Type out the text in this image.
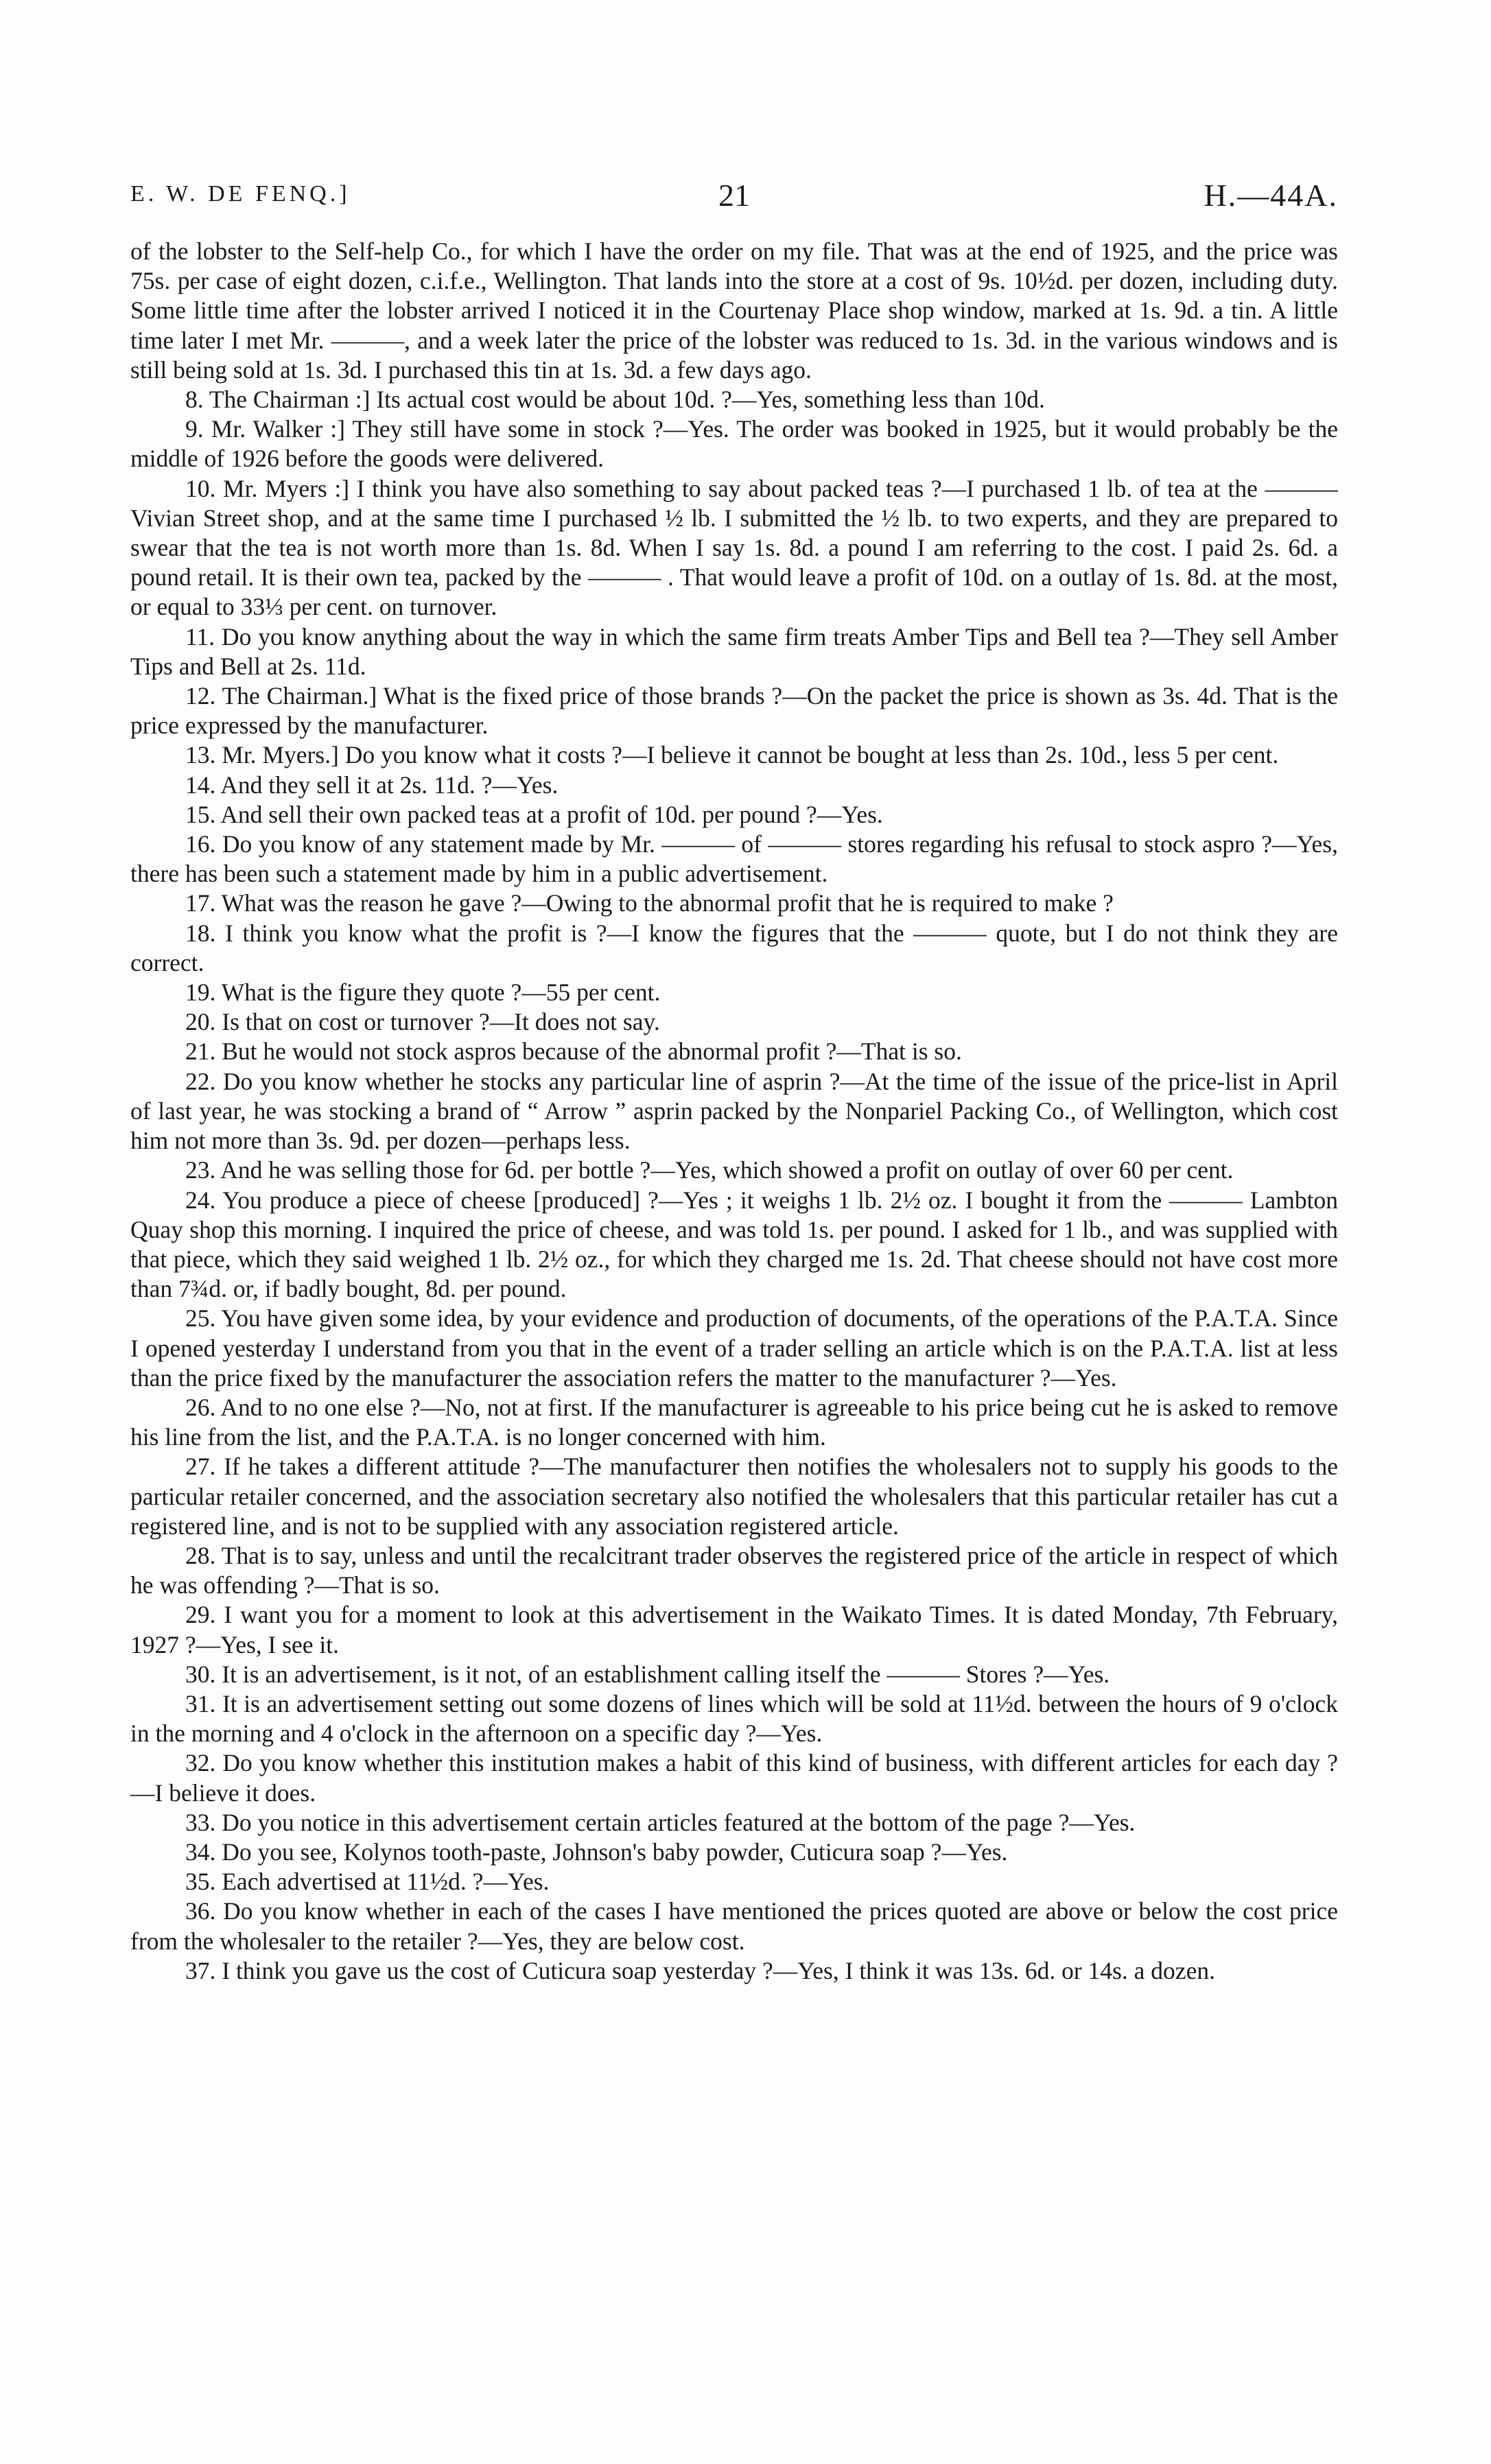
E. W. DE FENQ.]	21	H.—44A.

of the lobster to the Self-help Co., for which I have the order on my file. That was at the end of 1925, and the price was 75s. per case of eight dozen, c.i.f.e., Wellington. That lands into the store at a cost of 9s. 10½d. per dozen, including duty. Some little time after the lobster arrived I noticed it in the Courtenay Place shop window, marked at 1s. 9d. a tin. A little time later I met Mr. ———, and a week later the price of the lobster was reduced to 1s. 3d. in the various windows and is still being sold at 1s. 3d. I purchased this tin at 1s. 3d. a few days ago.

8. The Chairman :] Its actual cost would be about 10d. ?—Yes, something less than 10d.

9. Mr. Walker :] They still have some in stock ?—Yes. The order was booked in 1925, but it would probably be the middle of 1926 before the goods were delivered.

10. Mr. Myers :] I think you have also something to say about packed teas ?—I purchased 1 lb. of tea at the ——— Vivian Street shop, and at the same time I purchased ½ lb. I submitted the ½ lb. to two experts, and they are prepared to swear that the tea is not worth more than 1s. 8d. When I say 1s. 8d. a pound I am referring to the cost. I paid 2s. 6d. a pound retail. It is their own tea, packed by the ——— . That would leave a profit of 10d. on a outlay of 1s. 8d. at the most, or equal to 33⅓ per cent. on turnover.

11. Do you know anything about the way in which the same firm treats Amber Tips and Bell tea ?—They sell Amber Tips and Bell at 2s. 11d.

12. The Chairman.] What is the fixed price of those brands ?—On the packet the price is shown as 3s. 4d. That is the price expressed by the manufacturer.

13. Mr. Myers.] Do you know what it costs ?—I believe it cannot be bought at less than 2s. 10d., less 5 per cent.

14. And they sell it at 2s. 11d. ?—Yes.

15. And sell their own packed teas at a profit of 10d. per pound ?—Yes.

16. Do you know of any statement made by Mr. ——— of ——— stores regarding his refusal to stock aspro ?—Yes, there has been such a statement made by him in a public advertisement.

17. What was the reason he gave ?—Owing to the abnormal profit that he is required to make ?

18. I think you know what the profit is ?—I know the figures that the ——— quote, but I do not think they are correct.

19. What is the figure they quote ?—55 per cent.

20. Is that on cost or turnover ?—It does not say.

21. But he would not stock aspros because of the abnormal profit ?—That is so.

22. Do you know whether he stocks any particular line of asprin ?—At the time of the issue of the price-list in April of last year, he was stocking a brand of “ Arrow ” asprin packed by the Nonpariel Packing Co., of Wellington, which cost him not more than 3s. 9d. per dozen—perhaps less.

23. And he was selling those for 6d. per bottle ?—Yes, which showed a profit on outlay of over 60 per cent.

24. You produce a piece of cheese [produced] ?—Yes ; it weighs 1 lb. 2½ oz. I bought it from the ——— Lambton Quay shop this morning. I inquired the price of cheese, and was told 1s. per pound. I asked for 1 lb., and was supplied with that piece, which they said weighed 1 lb. 2½ oz., for which they charged me 1s. 2d. That cheese should not have cost more than 7¾d. or, if badly bought, 8d. per pound.

25. You have given some idea, by your evidence and production of documents, of the operations of the P.A.T.A. Since I opened yesterday I understand from you that in the event of a trader selling an article which is on the P.A.T.A. list at less than the price fixed by the manufacturer the association refers the matter to the manufacturer ?—Yes.

26. And to no one else ?—No, not at first. If the manufacturer is agreeable to his price being cut he is asked to remove his line from the list, and the P.A.T.A. is no longer concerned with him.

27. If he takes a different attitude ?—The manufacturer then notifies the wholesalers not to supply his goods to the particular retailer concerned, and the association secretary also notified the wholesalers that this particular retailer has cut a registered line, and is not to be supplied with any association registered article.

28. That is to say, unless and until the recalcitrant trader observes the registered price of the article in respect of which he was offending ?—That is so.

29. I want you for a moment to look at this advertisement in the Waikato Times. It is dated Monday, 7th February, 1927 ?—Yes, I see it.

30. It is an advertisement, is it not, of an establishment calling itself the ——— Stores ?—Yes.

31. It is an advertisement setting out some dozens of lines which will be sold at 11½d. between the hours of 9 o'clock in the morning and 4 o'clock in the afternoon on a specific day ?—Yes.

32. Do you know whether this institution makes a habit of this kind of business, with different articles for each day ?—I believe it does.

33. Do you notice in this advertisement certain articles featured at the bottom of the page ?—Yes.

34. Do you see, Kolynos tooth-paste, Johnson's baby powder, Cuticura soap ?—Yes.

35. Each advertised at 11½d. ?—Yes.

36. Do you know whether in each of the cases I have mentioned the prices quoted are above or below the cost price from the wholesaler to the retailer ?—Yes, they are below cost.

37. I think you gave us the cost of Cuticura soap yesterday ?—Yes, I think it was 13s. 6d. or 14s. a dozen.
